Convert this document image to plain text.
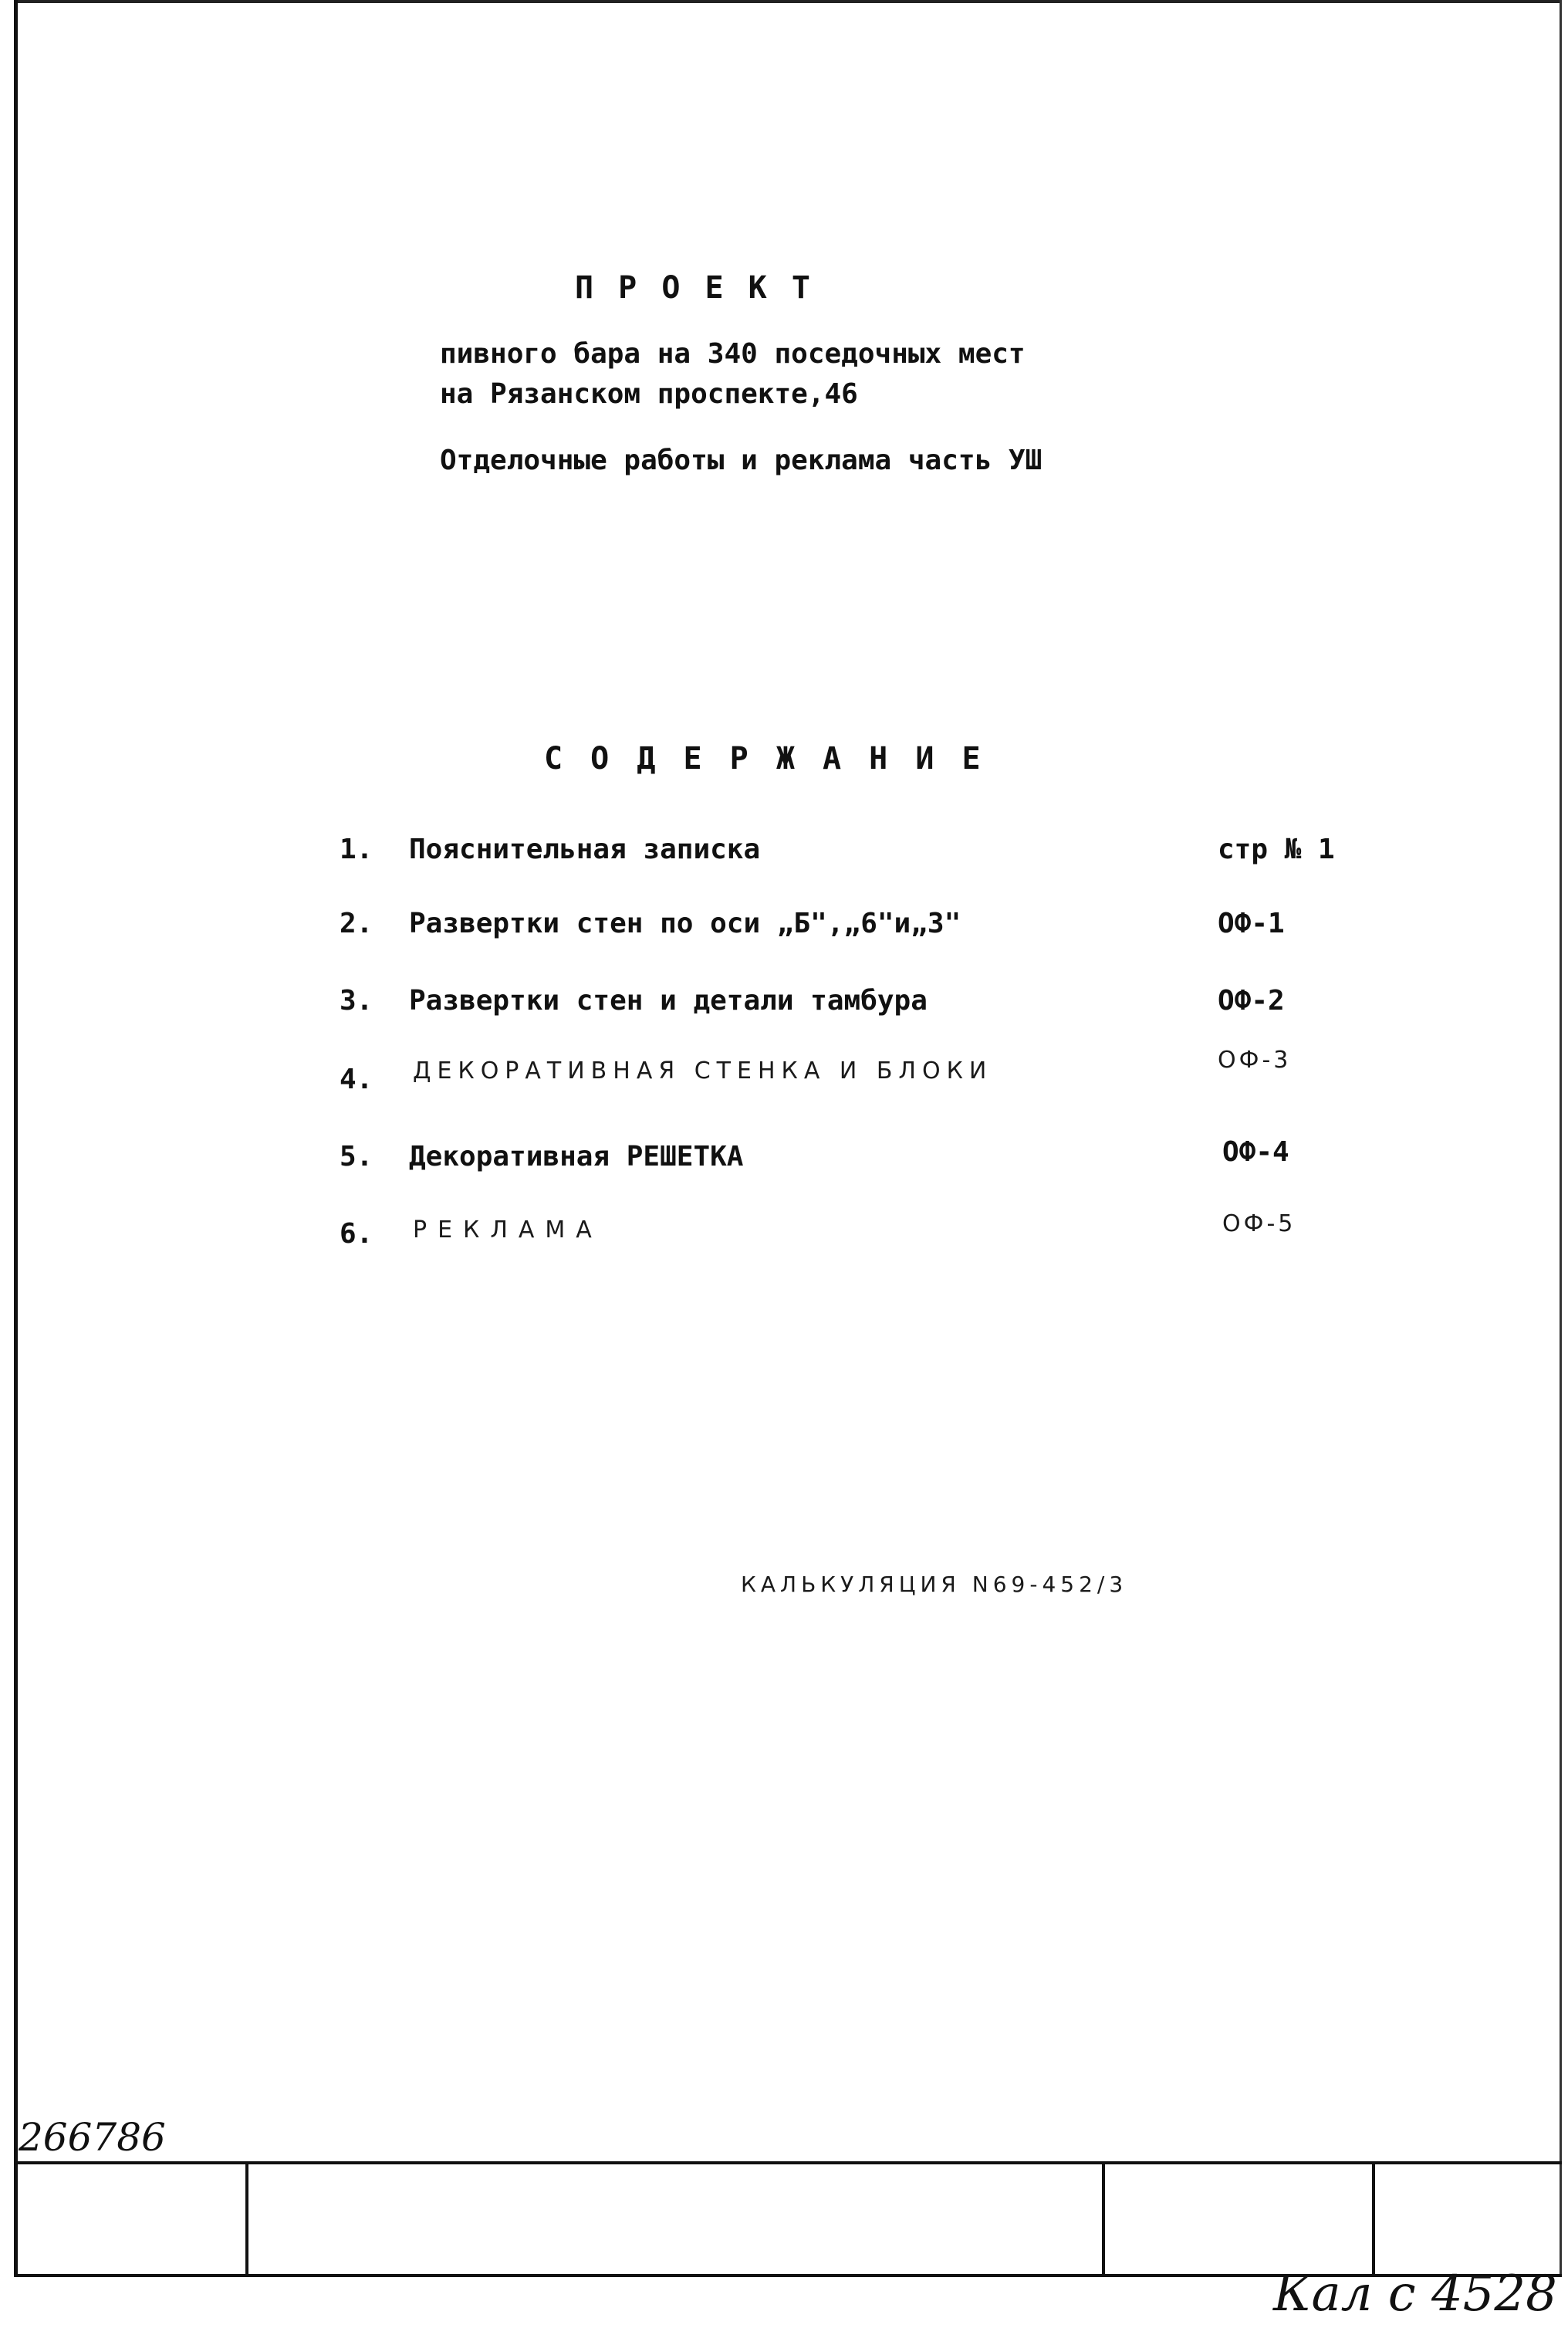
П Р О Е К Т
пивного бара на 340 поседочных мест
на Рязанском проспекте,46
Отделочные работы и реклама часть УШ
С О Д Е Р Ж А Н И Е
1. Пояснительная записка	стр № 1
2. Развертки стен по оси „Б",„6"и„3"	ОФ-1
3. Развертки стен и детали тамбура	ОФ-2
4. ДЕКОРАТИВНАЯ СТЕНКА И БЛОКИ	ОФ-3
5. Декоративная РЕШЕТКА	ОФ-4
6. РЕКЛАМА	ОФ-5
КАЛЬКУЛЯЦИЯ N69-452/3
266786
Кал с 4528
